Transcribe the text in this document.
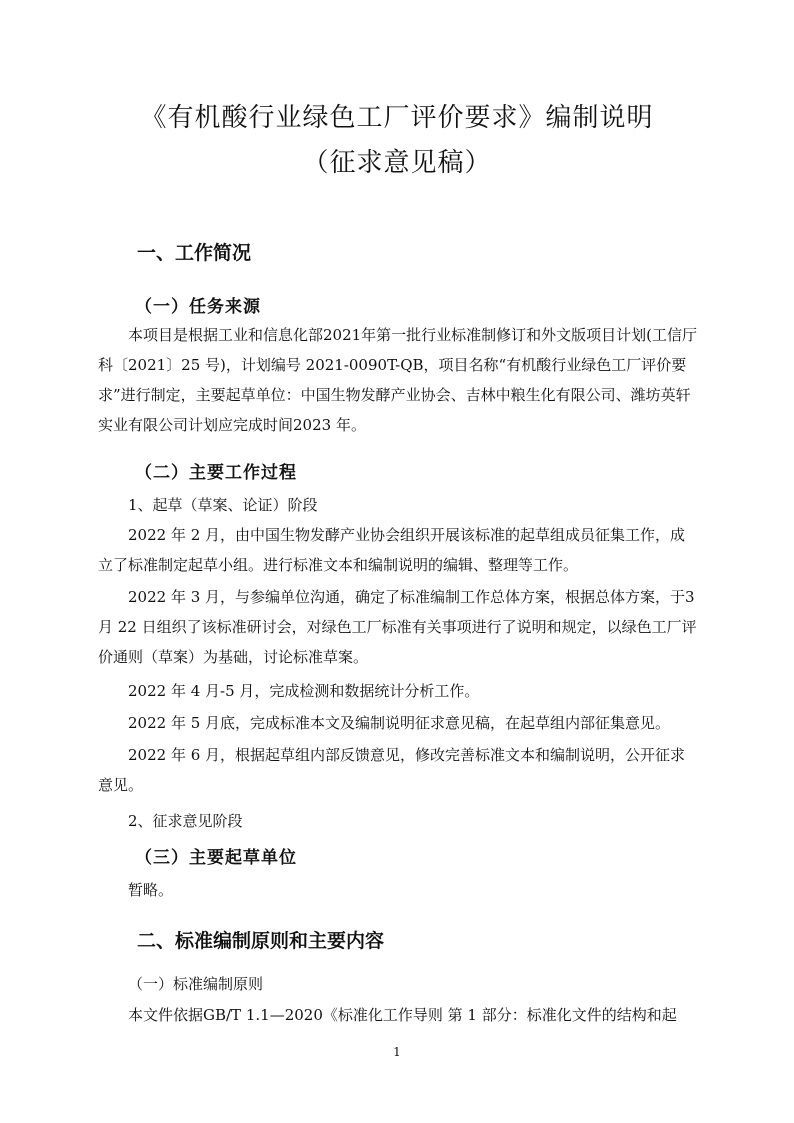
《有机酸行业绿色工厂评价要求》编制说明
（征求意见稿）
一、工作简况
（一）任务来源

本项目是根据工业和信息化部2021年第一批行业标准制修订和外文版项目计划(工信厅科〔2021〕25 号)，计划编号 2021-0090T-QB，项目名称“有机酸行业绿色工厂评价要求”进行制定，主要起草单位：中国生物发酵产业协会、吉林中粮生化有限公司、潍坊英轩实业有限公司计划应完成时间2023 年。

（二）主要工作过程
1、起草（草案、论证）阶段

2022 年 2 月，由中国生物发酵产业协会组织开展该标准的起草组成员征集工作，成立了标准制定起草小组。进行标准文本和编制说明的编辑、整理等工作。

2022 年 3 月，与参编单位沟通，确定了标准编制工作总体方案，根据总体方案，于3 月 22 日组织了该标准研讨会，对绿色工厂标准有关事项进行了说明和规定，以绿色工厂评价通则（草案）为基础，讨论标准草案。

2022 年 4 月-5 月，完成检测和数据统计分析工作。

2022 年 5 月底，完成标准本文及编制说明征求意见稿，在起草组内部征集意见。

2022 年 6 月，根据起草组内部反馈意见，修改完善标准文本和编制说明，公开征求意见。

2、征求意见阶段
（三）主要起草单位
暂略。
二、标准编制原则和主要内容
（一）标准编制原则
本文件依据GB/T 1.1—2020《标准化工作导则 第 1 部分：标准化文件的结构和起
1
